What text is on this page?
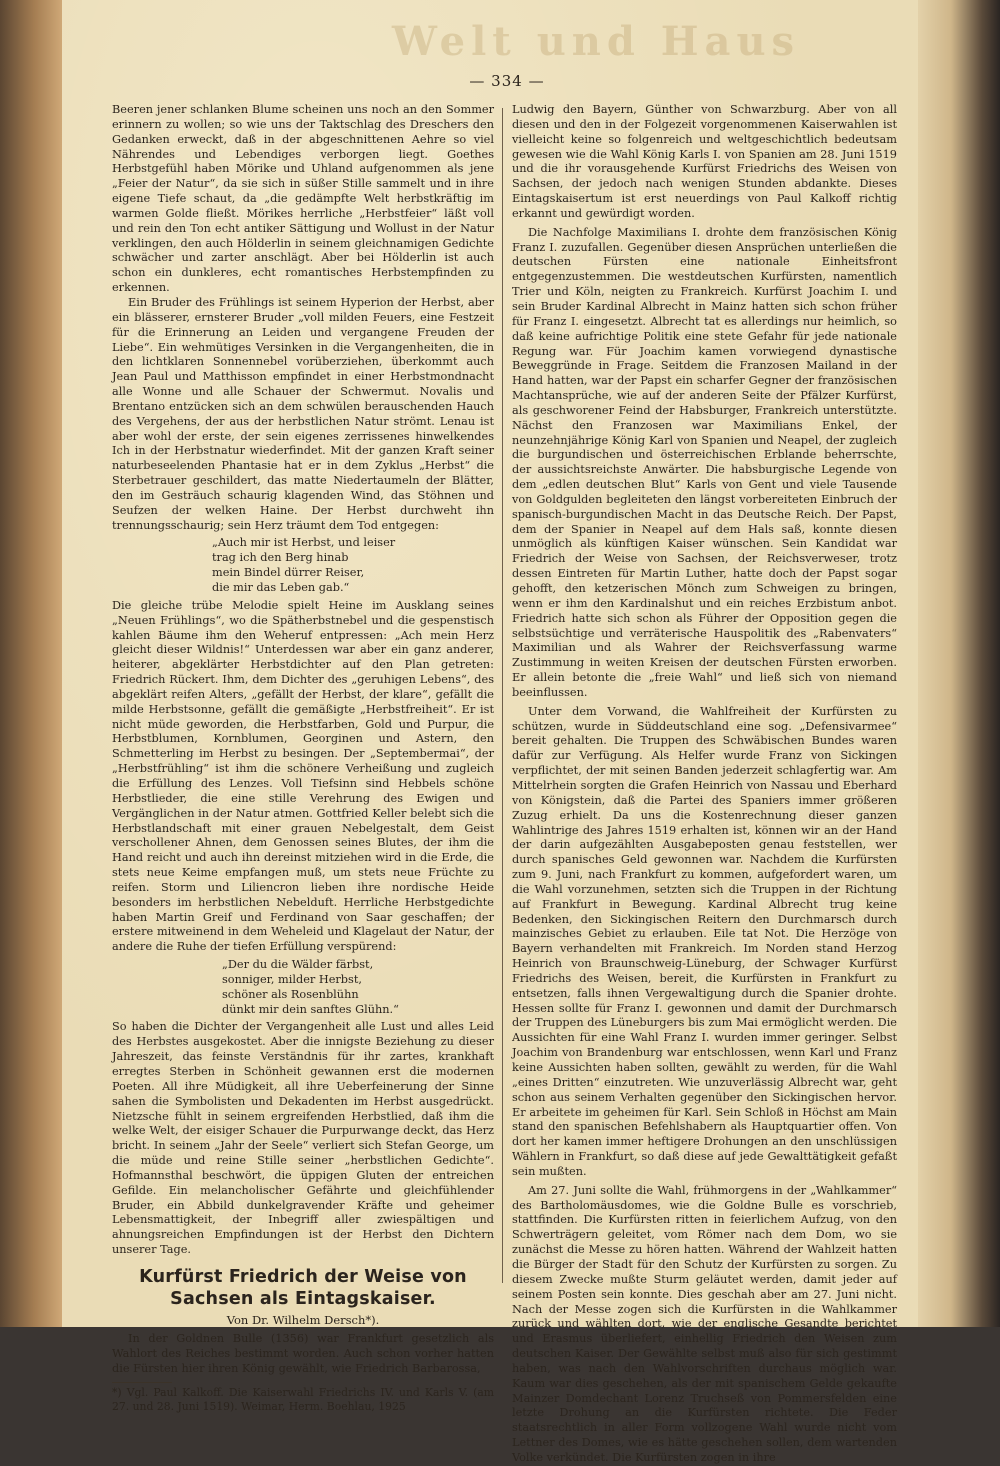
Welt und Haus
— 334 —

Beeren jener schlanken Blume scheinen uns noch an den Sommer erinnern zu wollen; so wie uns der Taktschlag des Dreschers den Gedanken erweckt, daß in der abgeschnittenen Aehre so viel Nährendes und Lebendiges verborgen liegt. Goethes Herbstgefühl haben Mörike und Uhland aufgenommen als jene „Feier der Natur“, da sie sich in süßer Stille sammelt und in ihre eigene Tiefe schaut, da „die gedämpfte Welt herbstkräftig im warmen Golde fließt. Mörikes herrliche „Herbstfeier“ läßt voll und rein den Ton echt antiker Sättigung und Wollust in der Natur verklingen, den auch Hölderlin in seinem gleichnamigen Gedichte schwächer und zarter anschlägt. Aber bei Hölderlin ist auch schon ein dunkleres, echt romantisches Herbstempfinden zu erkennen.

Ein Bruder des Frühlings ist seinem Hyperion der Herbst, aber ein blässerer, ernsterer Bruder „voll milden Feuers, eine Festzeit für die Erinnerung an Leiden und vergangene Freuden der Liebe“. Ein wehmütiges Versinken in die Vergangenheiten, die in den lichtklaren Sonnennebel vorüberziehen, überkommt auch Jean Paul und Matthisson empfindet in einer Herbstmondnacht alle Wonne und alle Schauer der Schwermut. Novalis und Brentano entzücken sich an dem schwülen berauschenden Hauch des Vergehens, der aus der herbstlichen Natur strömt. Lenau ist aber wohl der erste, der sein eigenes zerrissenes hinwelkendes Ich in der Herbstnatur wiederfindet. Mit der ganzen Kraft seiner naturbeseelenden Phantasie hat er in dem Zyklus „Herbst“ die Sterbetrauer geschildert, das matte Niedertaumeln der Blätter, den im Gesträuch schaurig klagenden Wind, das Stöhnen und Seufzen der welken Haine. Der Herbst durchweht ihn trennungsschaurig; sein Herz träumt dem Tod entgegen:

„Auch mir ist Herbst, und leiser
trag ich den Berg hinab
mein Bindel dürrer Reiser,
die mir das Leben gab.“

Die gleiche trübe Melodie spielt Heine im Ausklang seines „Neuen Frühlings“, wo die Spätherbstnebel und die gespenstisch kahlen Bäume ihm den Weheruf entpressen: „Ach mein Herz gleicht dieser Wildnis!“ Unterdessen war aber ein ganz anderer, heiterer, abgeklärter Herbstdichter auf den Plan getreten: Friedrich Rückert. Ihm, dem Dichter des „geruhigen Lebens“, des abgeklärt reifen Alters, „gefällt der Herbst, der klare“, gefällt die milde Herbstsonne, gefällt die gemäßigte „Herbstfreiheit“. Er ist nicht müde geworden, die Herbstfarben, Gold und Purpur, die Herbstblumen, Kornblumen, Georginen und Astern, den Schmetterling im Herbst zu besingen. Der „Septembermai“, der „Herbstfrühling“ ist ihm die schönere Verheißung und zugleich die Erfüllung des Lenzes. Voll Tiefsinn sind Hebbels schöne Herbstlieder, die eine stille Verehrung des Ewigen und Vergänglichen in der Natur atmen. Gottfried Keller belebt sich die Herbstlandschaft mit einer grauen Nebelgestalt, dem Geist verschollener Ahnen, dem Genossen seines Blutes, der ihm die Hand reicht und auch ihn dereinst mitziehen wird in die Erde, die stets neue Keime empfangen muß, um stets neue Früchte zu reifen. Storm und Liliencron lieben ihre nordische Heide besonders im herbstlichen Nebelduft. Herrliche Herbstgedichte haben Martin Greif und Ferdinand von Saar geschaffen; der erstere mitweinend in dem Weheleid und Klagelaut der Natur, der andere die Ruhe der tiefen Erfüllung verspürend:

„Der du die Wälder färbst,
sonniger, milder Herbst,
schöner als Rosenblühn
dünkt mir dein sanftes Glühn.“

So haben die Dichter der Vergangenheit alle Lust und alles Leid des Herbstes ausgekostet. Aber die innigste Beziehung zu dieser Jahreszeit, das feinste Verständnis für ihr zartes, krankhaft erregtes Sterben in Schönheit gewannen erst die modernen Poeten. All ihre Müdigkeit, all ihre Ueberfeinerung der Sinne sahen die Symbolisten und Dekadenten im Herbst ausgedrückt. Nietzsche fühlt in seinem ergreifenden Herbstlied, daß ihm die welke Welt, der eisiger Schauer die Purpurwange deckt, das Herz bricht. In seinem „Jahr der Seele“ verliert sich Stefan George, um die müde und reine Stille seiner „herbstlichen Gedichte“. Hofmannsthal beschwört, die üppigen Gluten der entreichen Gefilde. Ein melancholischer Gefährte und gleichfühlender Bruder, ein Abbild dunkelgravender Kräfte und geheimer Lebensmattigkeit, der Inbegriff aller zwiespältigen und ahnungsreichen Empfindungen ist der Herbst den Dichtern unserer Tage.

Kurfürst Friedrich der Weise von Sachsen als Eintagskaiser.
Von Dr. Wilhelm Dersch*).

In der Goldnen Bulle (1356) war Frankfurt gesetzlich als Wahlort des Reiches bestimmt worden. Auch schon vorher hatten die Fürsten hier ihren König gewählt, wie Friedrich Barbarossa,

*) Vgl. Paul Kalkoff. Die Kaiserwahl Friedrichs IV. und Karls V. (am 27. und 28. Juni 1519). Weimar, Herm. Boehlau, 1925

Ludwig den Bayern, Günther von Schwarzburg. Aber von all diesen und den in der Folgezeit vorgenommenen Kaiserwahlen ist vielleicht keine so folgenreich und weltgeschichtlich bedeutsam gewesen wie die Wahl König Karls I. von Spanien am 28. Juni 1519 und die ihr vorausgehende Kurfürst Friedrichs des Weisen von Sachsen, der jedoch nach wenigen Stunden abdankte. Dieses Eintagskaisertum ist erst neuerdings von Paul Kalkoff richtig erkannt und gewürdigt worden.

Die Nachfolge Maximilians I. drohte dem französischen König Franz I. zuzufallen. Gegenüber diesen Ansprüchen unterließen die deutschen Fürsten eine nationale Einheitsfront entgegenzustemmen. Die westdeutschen Kurfürsten, namentlich Trier und Köln, neigten zu Frankreich. Kurfürst Joachim I. und sein Bruder Kardinal Albrecht in Mainz hatten sich schon früher für Franz I. eingesetzt. Albrecht tat es allerdings nur heimlich, so daß keine aufrichtige Politik eine stete Gefahr für jede nationale Regung war. Für Joachim kamen vorwiegend dynastische Beweggründe in Frage. Seitdem die Franzosen Mailand in der Hand hatten, war der Papst ein scharfer Gegner der französischen Machtansprüche, wie auf der anderen Seite der Pfälzer Kurfürst, als geschworener Feind der Habsburger, Frankreich unterstützte. Nächst den Franzosen war Maximilians Enkel, der neunzehnjährige König Karl von Spanien und Neapel, der zugleich die burgundischen und österreichischen Erblande beherrschte, der aussichtsreichste Anwärter. Die habsburgische Legende von dem „edlen deutschen Blut“ Karls von Gent und viele Tausende von Goldgulden begleiteten den längst vorbereiteten Einbruch der spanisch-burgundischen Macht in das Deutsche Reich. Der Papst, dem der Spanier in Neapel auf dem Hals saß, konnte diesen unmöglich als künftigen Kaiser wünschen. Sein Kandidat war Friedrich der Weise von Sachsen, der Reichsverweser, trotz dessen Eintreten für Martin Luther, hatte doch der Papst sogar gehofft, den ketzerischen Mönch zum Schweigen zu bringen, wenn er ihm den Kardinalshut und ein reiches Erzbistum anbot. Friedrich hatte sich schon als Führer der Opposition gegen die selbstsüchtige und verräterische Hauspolitik des „Rabenvaters“ Maximilian und als Wahrer der Reichsverfassung warme Zustimmung in weiten Kreisen der deutschen Fürsten erworben. Er allein betonte die „freie Wahl“ und ließ sich von niemand beeinflussen.

Unter dem Vorwand, die Wahlfreiheit der Kurfürsten zu schützen, wurde in Süddeutschland eine sog. „Defensivarmee“ bereit gehalten. Die Truppen des Schwäbischen Bundes waren dafür zur Verfügung. Als Helfer wurde Franz von Sickingen verpflichtet, der mit seinen Banden jederzeit schlagfertig war. Am Mittelrhein sorgten die Grafen Heinrich von Nassau und Eberhard von Königstein, daß die Partei des Spaniers immer größeren Zuzug erhielt. Da uns die Kostenrechnung dieser ganzen Wahlintrige des Jahres 1519 erhalten ist, können wir an der Hand der darin aufgezählten Ausgabeposten genau feststellen, wer durch spanisches Geld gewonnen war. Nachdem die Kurfürsten zum 9. Juni, nach Frankfurt zu kommen, aufgefordert waren, um die Wahl vorzunehmen, setzten sich die Truppen in der Richtung auf Frankfurt in Bewegung. Kardinal Albrecht trug keine Bedenken, den Sickingischen Reitern den Durchmarsch durch mainzisches Gebiet zu erlauben. Eile tat Not. Die Herzöge von Bayern verhandelten mit Frankreich. Im Norden stand Herzog Heinrich von Braunschweig-Lüneburg, der Schwager Kurfürst Friedrichs des Weisen, bereit, die Kurfürsten in Frankfurt zu entsetzen, falls ihnen Vergewaltigung durch die Spanier drohte. Hessen sollte für Franz I. gewonnen und damit der Durchmarsch der Truppen des Lüneburgers bis zum Mai ermöglicht werden. Die Aussichten für eine Wahl Franz I. wurden immer geringer. Selbst Joachim von Brandenburg war entschlossen, wenn Karl und Franz keine Aussichten haben sollten, gewählt zu werden, für die Wahl „eines Dritten“ einzutreten. Wie unzuverlässig Albrecht war, geht schon aus seinem Verhalten gegenüber den Sickingischen hervor. Er arbeitete im geheimen für Karl. Sein Schloß in Höchst am Main stand den spanischen Befehlshabern als Hauptquartier offen. Von dort her kamen immer heftigere Drohungen an den unschlüssigen Wählern in Frankfurt, so daß diese auf jede Gewalttätigkeit gefaßt sein mußten.

Am 27. Juni sollte die Wahl, frühmorgens in der „Wahlkammer“ des Bartholomäusdomes, wie die Goldne Bulle es vorschrieb, stattfinden. Die Kurfürsten ritten in feierlichem Aufzug, von den Schwerträgern geleitet, vom Römer nach dem Dom, wo sie zunächst die Messe zu hören hatten. Während der Wahlzeit hatten die Bürger der Stadt für den Schutz der Kurfürsten zu sorgen. Zu diesem Zwecke mußte Sturm geläutet werden, damit jeder auf seinem Posten sein konnte. Dies geschah aber am 27. Juni nicht. Nach der Messe zogen sich die Kurfürsten in die Wahlkammer zurück und wählten dort, wie der englische Gesandte berichtet und Erasmus überliefert, einhellig Friedrich den Weisen zum deutschen Kaiser. Der Gewählte selbst muß also für sich gestimmt haben, was nach den Wahlvorschriften durchaus möglich war. Kaum war dies geschehen, als der mit spanischem Gelde gekaufte Mainzer Domdechant Lorenz Truchseß von Pommersfelden eine letzte Drohung an die Kurfürsten richtete. Die Feder staatsrechtlich in aller Form vollzogene Wahl wurde nicht vom Lettner des Domes, wie es hätte geschehen sollen, dem wartenden Volke verkündet. Die Kurfürsten zogen in ihre
